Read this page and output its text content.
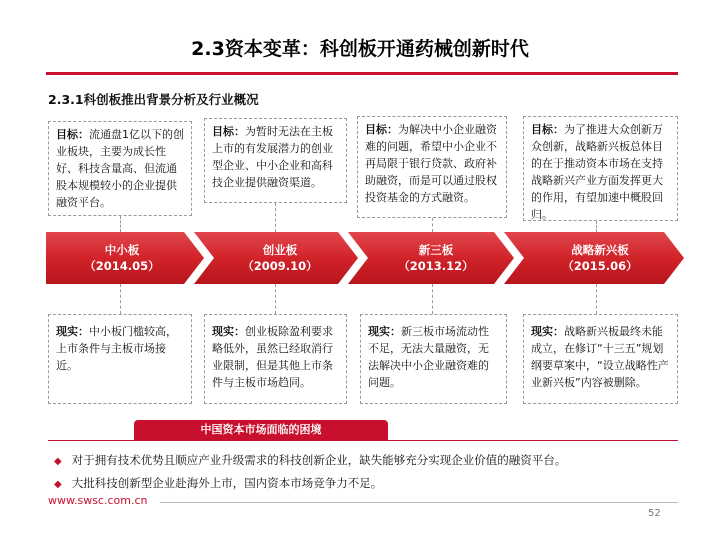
2.3资本变革：科创板开通药械创新时代
2.3.1科创板推出背景分析及行业概况
目标：流通盘1亿以下的创业板块，主要为成长性好、科技含量高、但流通股本规模较小的企业提供融资平台。
目标：为暂时无法在主板上市的有发展潜力的创业型企业、中小企业和高科技企业提供融资渠道。
目标：为解决中小企业融资难的问题，希望中小企业不再局限于银行贷款、政府补助融资，而是可以通过股权投资基金的方式融资。
目标：为了推进大众创新万众创新，战略新兴板总体目的在于推动资本市场在支持战略新兴产业方面发挥更大的作用，有望加速中概股回归。
中小板
（2014.05）
创业板
（2009.10）
新三板
（2013.12）
战略新兴板
（2015.06）
现实：中小板门槛较高，上市条件与主板市场接近。
现实：创业板除盈利要求略低外，虽然已经取消行业限制，但是其他上市条件与主板市场趋同。
现实：新三板市场流动性不足，无法大量融资，无法解决中小企业融资难的问题。
现实：战略新兴板最终未能成立，在修订“十三五”规划纲要草案中，“设立战略性产业新兴板”内容被删除。
中国资本市场面临的困境
◆ 对于拥有技术优势且顺应产业升级需求的科技创新企业，缺失能够充分实现企业价值的融资平台。
◆ 大批科技创新型企业赴海外上市，国内资本市场竞争力不足。
www.swsc.com.cn
52
